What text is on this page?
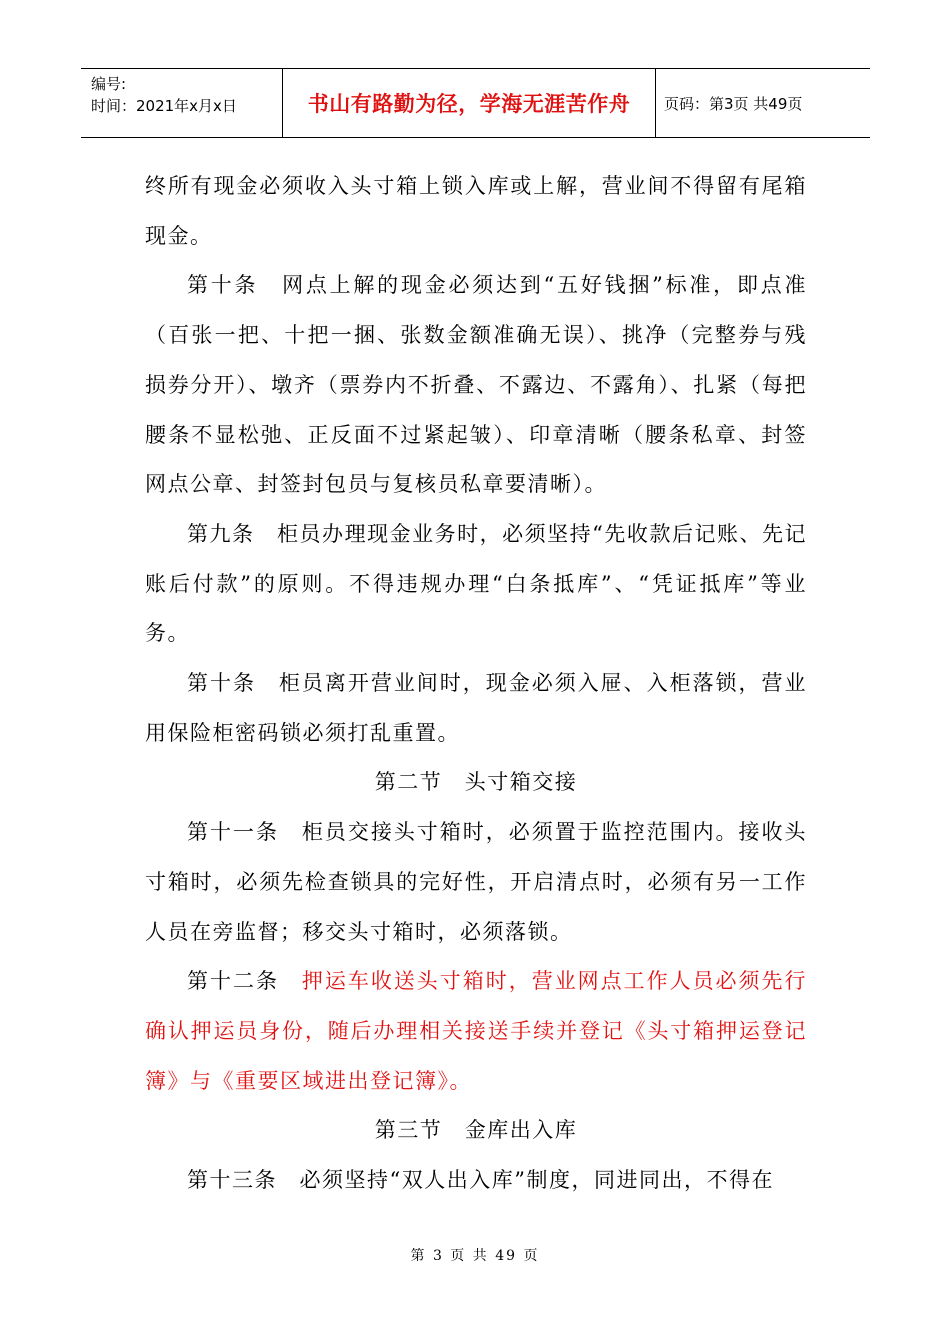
编号:
时间：2021年x月x日	书山有路勤为径，学海无涯苦作舟 页码：第3页 共49页

终所有现金必须收入头寸箱上锁入库或上解，营业间不得留有尾箱现金。

第十条　网点上解的现金必须达到“五好钱捆”标准，即点准（百张一把、十把一捆、张数金额准确无误）、挑净（完整券与残损券分开）、墩齐（票券内不折叠、不露边、不露角）、扎紧（每把腰条不显松弛、正反面不过紧起皱）、印章清晰（腰条私章、封签网点公章、封签封包员与复核员私章要清晰）。

第九条　柜员办理现金业务时，必须坚持“先收款后记账、先记账后付款”的原则。不得违规办理“白条抵库”、“凭证抵库”等业务。

第十条　柜员离开营业间时，现金必须入屉、入柜落锁，营业用保险柜密码锁必须打乱重置。

第二节　头寸箱交接

第十一条　柜员交接头寸箱时，必须置于监控范围内。接收头寸箱时，必须先检查锁具的完好性，开启清点时，必须有另一工作人员在旁监督；移交头寸箱时，必须落锁。

第十二条　押运车收送头寸箱时，营业网点工作人员必须先行确认押运员身份，随后办理相关接送手续并登记《头寸箱押运登记簿》与《重要区域进出登记簿》。

第三节　金库出入库

第十三条　必须坚持“双人出入库”制度，同进同出，不得在

第 3 页 共 49 页
